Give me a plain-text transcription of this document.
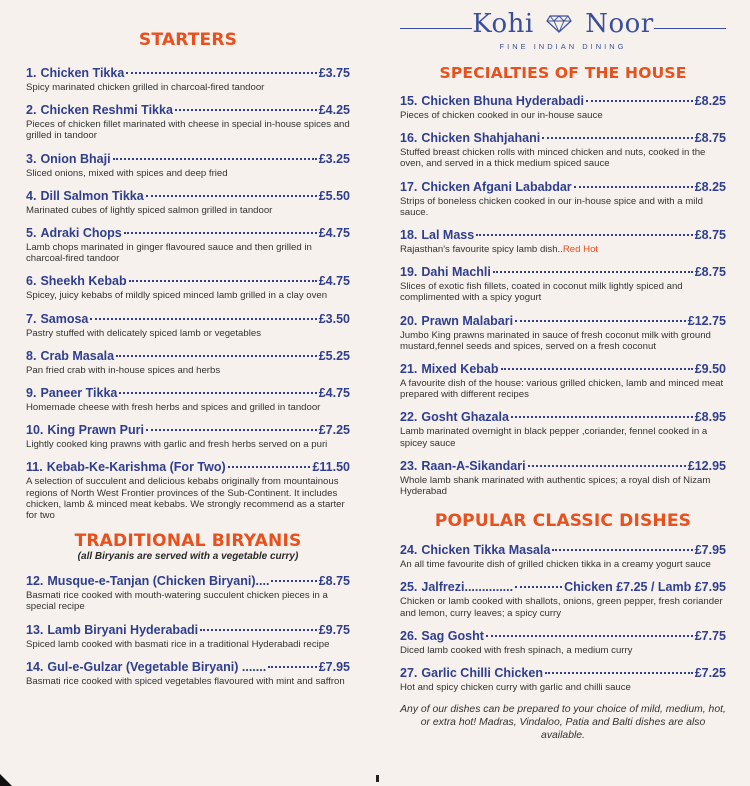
STARTERS
1. Chicken Tikka	£3.75
Spicy marinated chicken grilled in charcoal-fired tandoor
2. Chicken Reshmi Tikka	£4.25
Pieces of chicken fillet marinated with cheese in special in-house spices and grilled in tandoor
3. Onion Bhaji	£3.25
Sliced onions, mixed with spices and deep fried
4. Dill Salmon Tikka	£5.50
Marinated cubes of lightly spiced salmon grilled in tandoor
5. Adraki Chops	£4.75
Lamb chops marinated in ginger flavoured sauce and then grilled in charcoal-fired tandoor
6. Sheekh Kebab	£4.75
Spicey, juicy kebabs of mildly spiced minced lamb grilled in a clay oven
7. Samosa	£3.50
Pastry stuffed with delicately spiced lamb or vegetables
8. Crab Masala	£5.25
Pan fried crab with in-house spices and herbs
9. Paneer Tikka	£4.75
Homemade cheese with fresh herbs and spices and grilled in tandoor
10. King Prawn Puri	£7.25
Lightly cooked king prawns with garlic and fresh herbs served on a puri
11. Kebab-Ke-Karishma (For Two)	£11.50
A selection of succulent and delicious kebabs originally from mountainous regions of North West Frontier provinces of the Sub-Continent. It includes chicken, lamb & minced meat kebabs. We strongly recommend as a starter for two
TRADITIONAL BIRYANIS
(all Biryanis are served with a vegetable curry)
12. Musque-e-Tanjan (Chicken Biryani)....	£8.75
Basmati rice cooked with mouth-watering succulent chicken pieces in a special recipe
13. Lamb Biryani Hyderabadi	£9.75
Spiced lamb cooked with basmati rice in a traditional Hyderabadi recipe
14. Gul-e-Gulzar (Vegetable Biryani) .......	£7.95
Basmati rice cooked with spiced vegetables flavoured with mint and saffron
Kohi Noor
FINE INDIAN DINING
SPECIALTIES OF THE HOUSE
15. Chicken Bhuna Hyderabadi	£8.25
Pieces of chicken cooked in our in-house sauce
16. Chicken Shahjahani	£8.75
Stuffed breast chicken rolls with minced chicken and nuts, cooked in the oven, and served in a thick medium spiced sauce
17. Chicken Afgani Lababdar	£8.25
Strips of boneless chicken cooked in our in-house spice and with a mild sauce.
18. Lal Mass	£8.75
Rajasthan's favourite spicy lamb dish..Red Hot
19. Dahi Machli	£8.75
Slices of exotic fish fillets, coated in coconut milk lightly spiced and complimented with a spicy yogurt
20. Prawn Malabari	£12.75
Jumbo King prawns marinated in sauce of fresh coconut milk with ground mustard,fennel seeds and spices, served on a fresh coconut
21. Mixed Kebab	£9.50
A favourite dish of the house: various grilled chicken, lamb and minced meat prepared with different recipes
22. Gosht Ghazala	£8.95
Lamb marinated overnight in black pepper ,coriander, fennel cooked in a spicey sauce
23. Raan-A-Sikandari	£12.95
Whole lamb shank marinated with authentic spices; a royal dish of Nizam Hyderabad
POPULAR CLASSIC DISHES
24. Chicken Tikka Masala	£7.95
An all time favourite dish of grilled chicken tikka in a creamy yogurt sauce
25. Jalfrezi..............	Chicken £7.25 / Lamb £7.95
Chicken or lamb cooked with shallots, onions, green pepper, fresh coriander and lemon, curry leaves; a spicy curry
26. Sag Gosht	£7.75
Diced lamb cooked with fresh spinach, a medium curry
27. Garlic Chilli Chicken	£7.25
Hot and spicy chicken curry with garlic and chilli sauce
Any of our dishes can be prepared to your choice of mild, medium, hot, or extra hot! Madras, Vindaloo, Patia and Balti dishes are also available.
